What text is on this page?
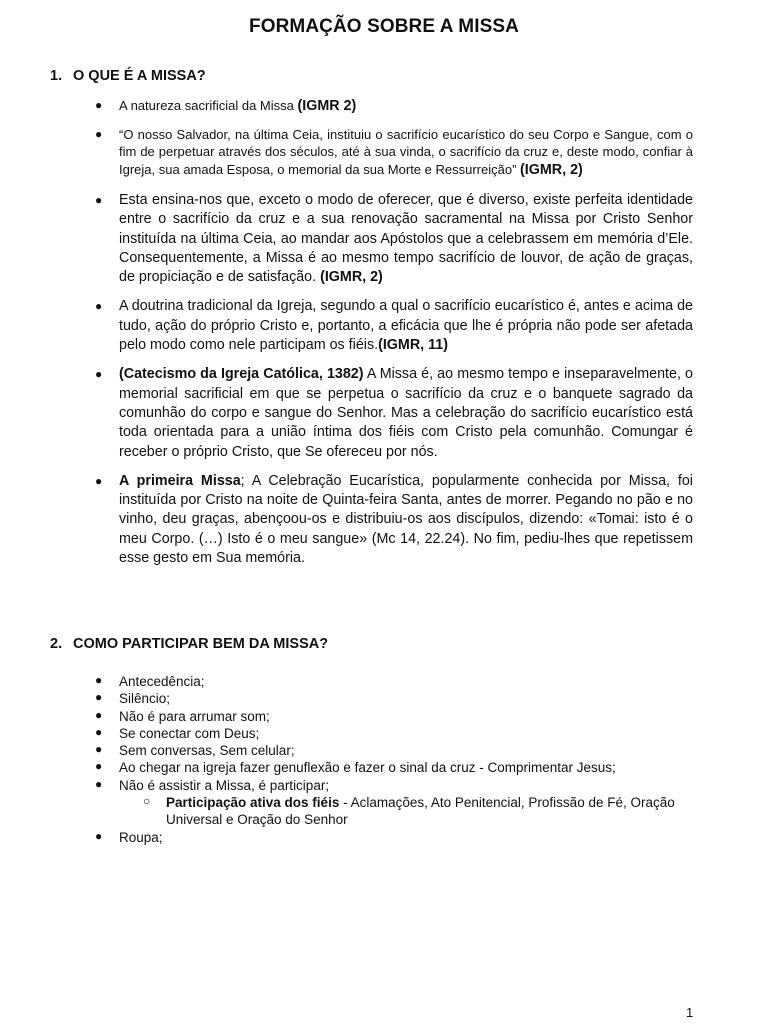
FORMAÇÃO SOBRE A MISSA
1. O QUE É A MISSA?
● A natureza sacrificial da Missa (IGMR 2)
● “O nosso Salvador, na última Ceia, instituiu o sacrifício eucarístico do seu Corpo e Sangue, com o fim de perpetuar através dos séculos, até à sua vinda, o sacrifício da cruz e, deste modo, confiar à Igreja, sua amada Esposa, o memorial da sua Morte e Ressurreição” (IGMR, 2)
● Esta ensina-nos que, exceto o modo de oferecer, que é diverso, existe perfeita identidade entre o sacrifício da cruz e a sua renovação sacramental na Missa por Cristo Senhor instituída na última Ceia, ao mandar aos Apóstolos que a celebrassem em memória d’Ele. Consequentemente, a Missa é ao mesmo tempo sacrifício de louvor, de ação de graças, de propiciação e de satisfação. (IGMR, 2)
● A doutrina tradicional da Igreja, segundo a qual o sacrifício eucarístico é, antes e acima de tudo, ação do próprio Cristo e, portanto, a eficácia que lhe é própria não pode ser afetada pelo modo como nele participam os fiéis.(IGMR, 11)
● (Catecismo da Igreja Católica, 1382) A Missa é, ao mesmo tempo e inseparavelmente, o memorial sacrificial em que se perpetua o sacrifício da cruz e o banquete sagrado da comunhão do corpo e sangue do Senhor. Mas a celebração do sacrifício eucarístico está toda orientada para a união íntima dos fiéis com Cristo pela comunhão. Comungar é receber o próprio Cristo, que Se ofereceu por nós.
● A primeira Missa; A Celebração Eucarística, popularmente conhecida por Missa, foi instituída por Cristo na noite de Quinta-feira Santa, antes de morrer. Pegando no pão e no vinho, deu graças, abençoou-os e distribuiu-os aos discípulos, dizendo: «Tomai: isto é o meu Corpo. (…) Isto é o meu sangue» (Mc 14, 22.24). No fim, pediu-lhes que repetissem esse gesto em Sua memória.
2. COMO PARTICIPAR BEM DA MISSA?
● Antecedência;
● Silêncio;
● Não é para arrumar som;
● Se conectar com Deus;
● Sem conversas, Sem celular;
● Ao chegar na igreja fazer genuflexão e fazer o sinal da cruz - Comprimentar Jesus;
● Não é assistir a Missa, é participar;
○ Participação ativa dos fiéis - Aclamações, Ato Penitencial, Profissão de Fé, Oração Universal e Oração do Senhor
● Roupa;
1
